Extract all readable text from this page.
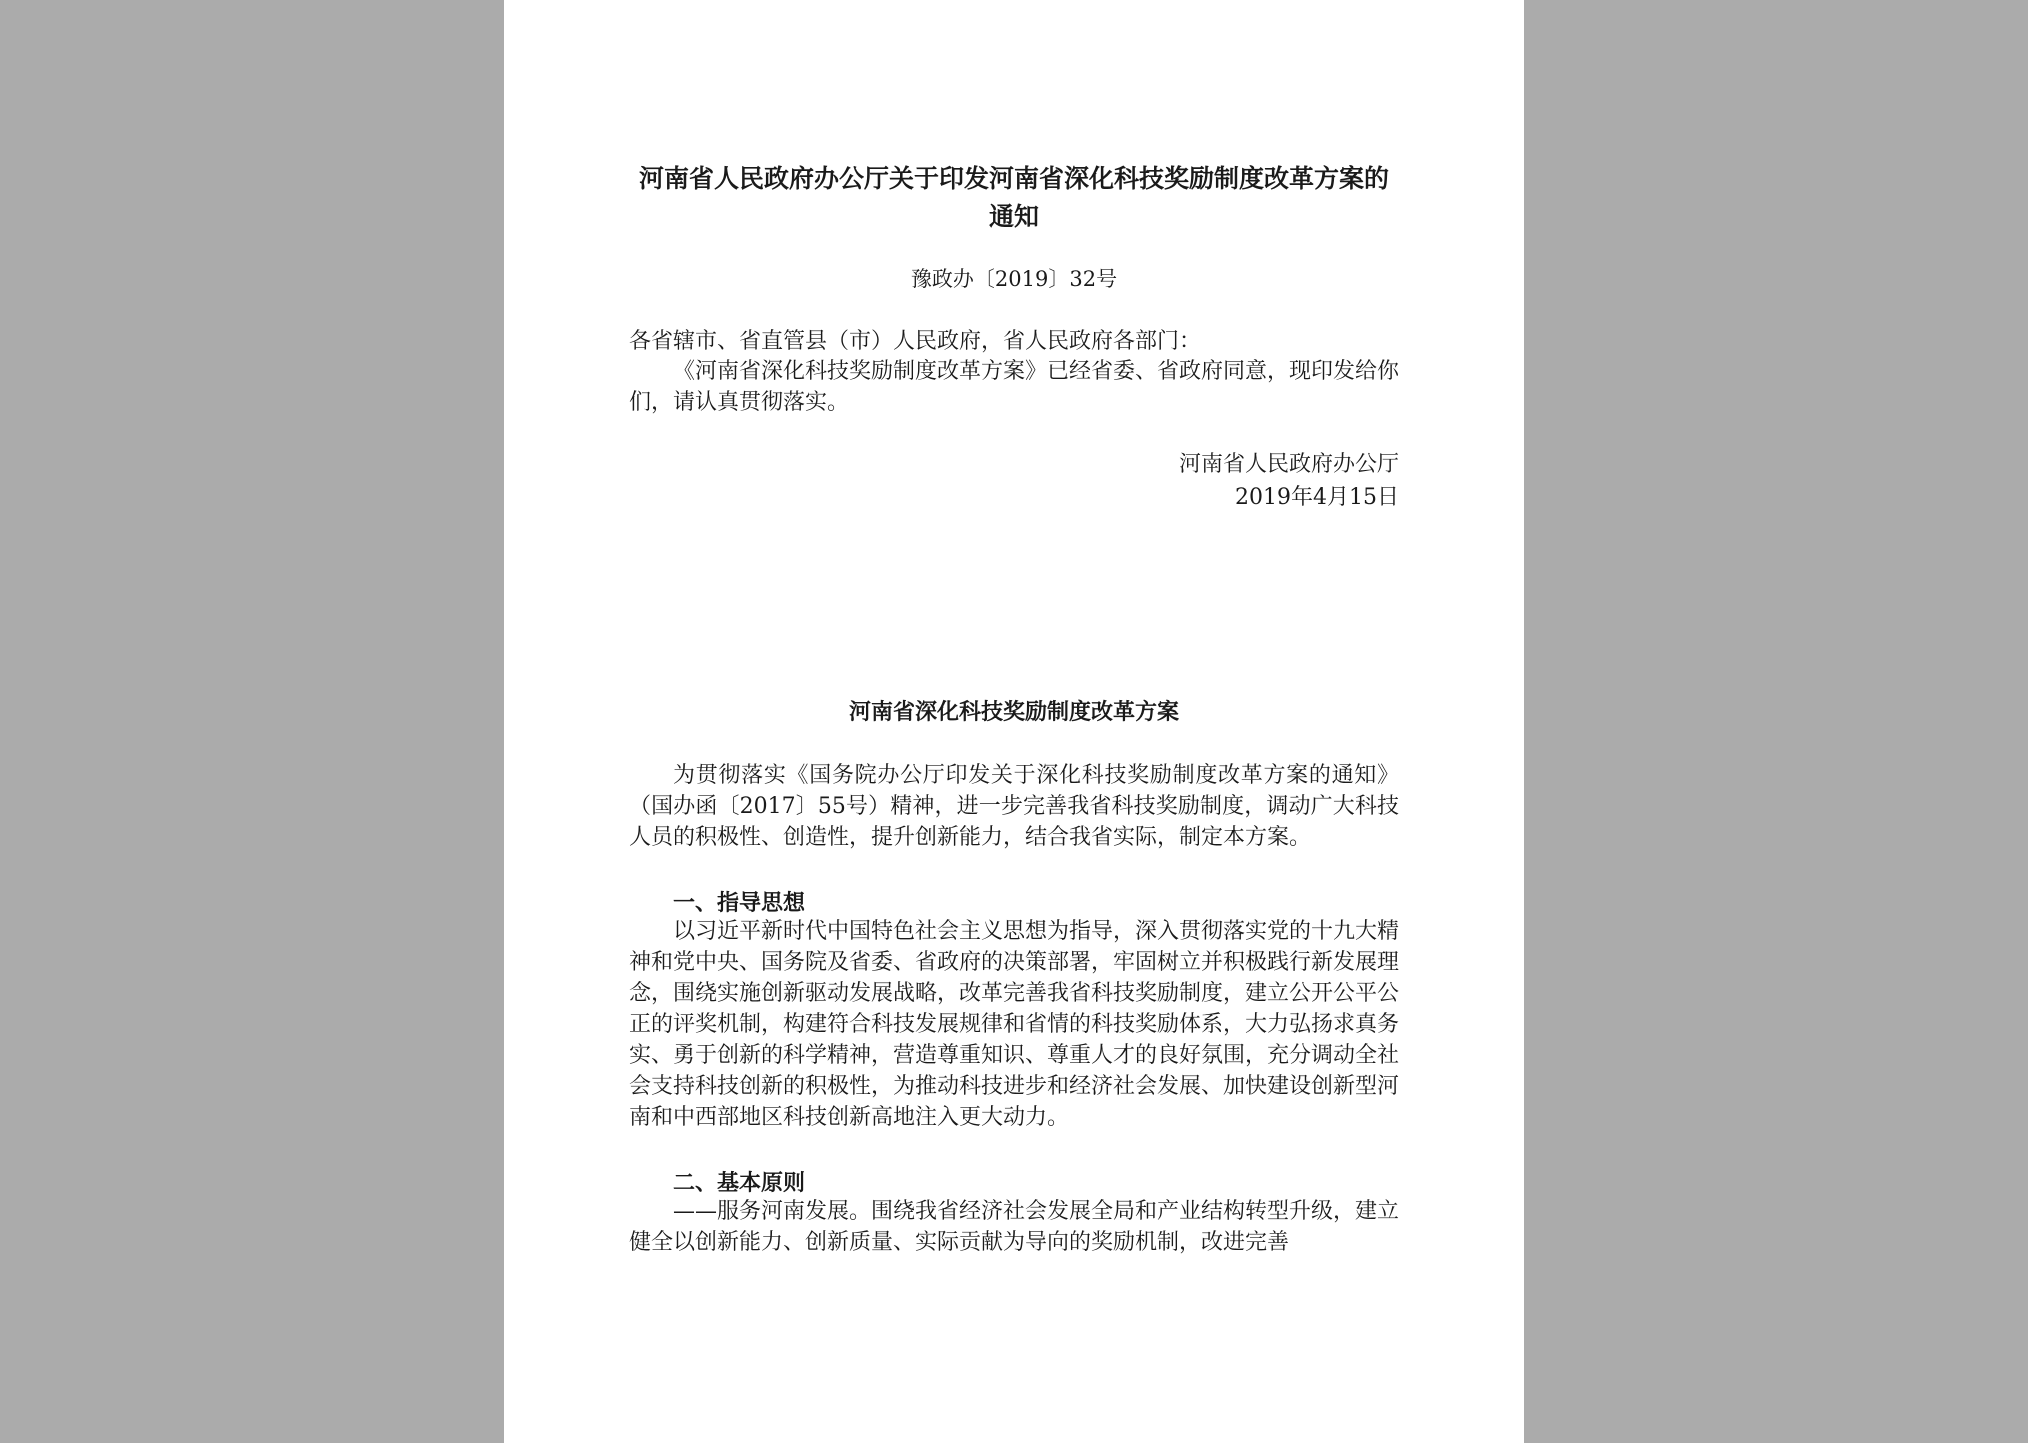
河南省人民政府办公厅关于印发河南省深化科技奖励制度改革方案的通知
豫政办〔2019〕32号

各省辖市、省直管县（市）人民政府，省人民政府各部门：

《河南省深化科技奖励制度改革方案》已经省委、省政府同意，现印发给你们，请认真贯彻落实。

河南省人民政府办公厅
2019年4月15日
河南省深化科技奖励制度改革方案

为贯彻落实《国务院办公厅印发关于深化科技奖励制度改革方案的通知》（国办函〔2017〕55号）精神，进一步完善我省科技奖励制度，调动广大科技人员的积极性、创造性，提升创新能力，结合我省实际，制定本方案。

一、指导思想

以习近平新时代中国特色社会主义思想为指导，深入贯彻落实党的十九大精神和党中央、国务院及省委、省政府的决策部署，牢固树立并积极践行新发展理念，围绕实施创新驱动发展战略，改革完善我省科技奖励制度，建立公开公平公正的评奖机制，构建符合科技发展规律和省情的科技奖励体系，大力弘扬求真务实、勇于创新的科学精神，营造尊重知识、尊重人才的良好氛围，充分调动全社会支持科技创新的积极性，为推动科技进步和经济社会发展、加快建设创新型河南和中西部地区科技创新高地注入更大动力。

二、基本原则

——服务河南发展。围绕我省经济社会发展全局和产业结构转型升级，建立健全以创新能力、创新质量、实际贡献为导向的奖励机制，改进完善
